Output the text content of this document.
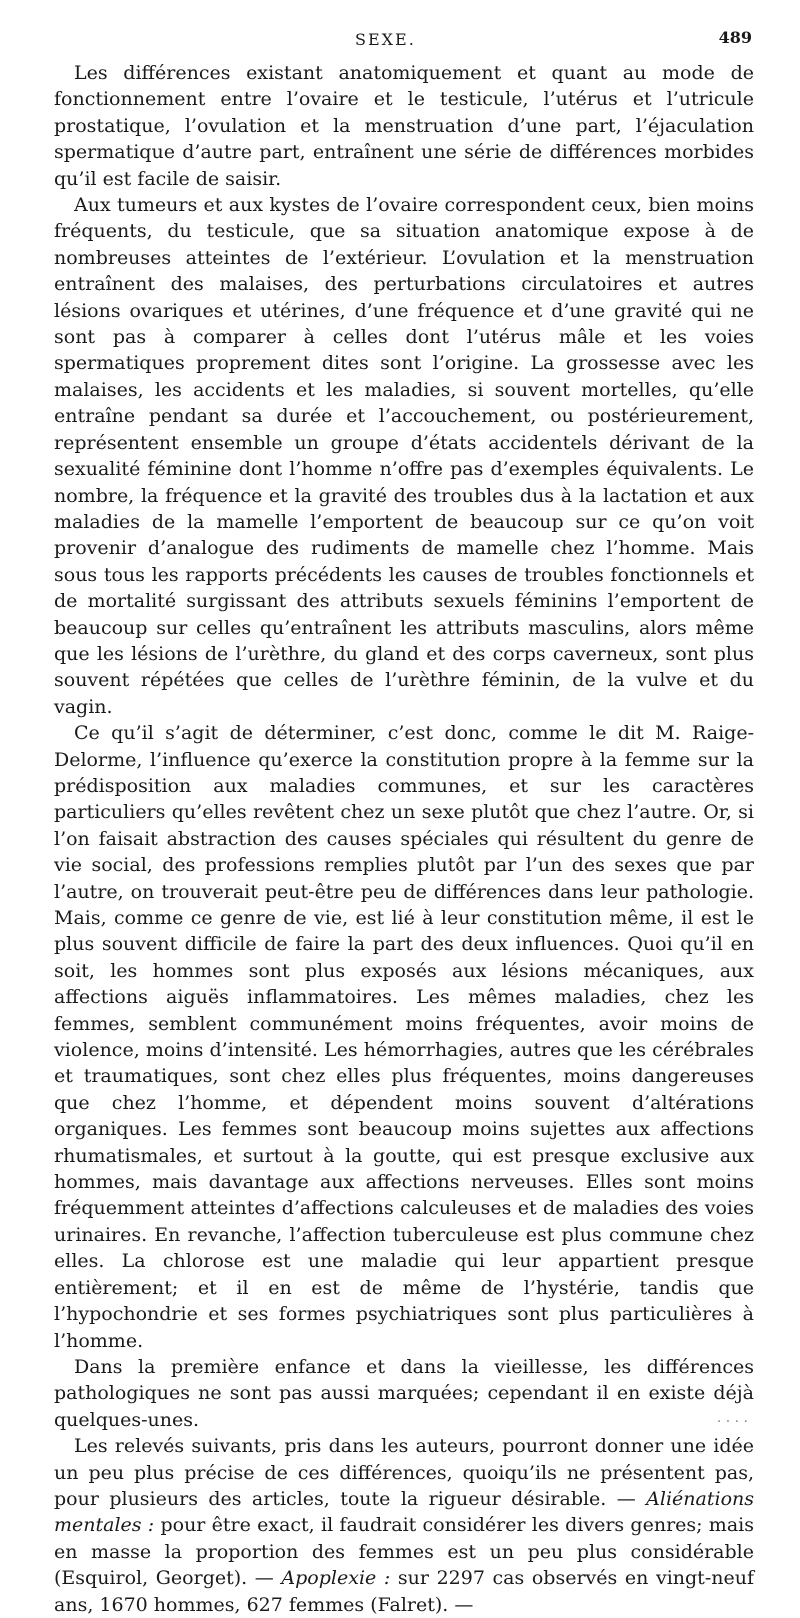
SEXE.	489

Les différences existant anatomiquement et quant au mode de fonctionnement entre l’ovaire et le testicule, l’utérus et l’utricule prostatique, l’ovulation et la menstruation d’une part, l’éjaculation spermatique d’autre part, entraînent une série de différences morbides qu’il est facile de saisir.

Aux tumeurs et aux kystes de l’ovaire correspondent ceux, bien moins fréquents, du testicule, que sa situation anatomique expose à de nombreuses atteintes de l’extérieur. L’ovulation et la menstruation entraînent des malaises, des perturbations circulatoires et autres lésions ovariques et utérines, d’une fréquence et d’une gravité qui ne sont pas à comparer à celles dont l’utérus mâle et les voies spermatiques proprement dites sont l’origine. La grossesse avec les malaises, les accidents et les maladies, si souvent mortelles, qu’elle entraîne pendant sa durée et l’accouchement, ou postérieurement, représentent ensemble un groupe d’états accidentels dérivant de la sexualité féminine dont l’homme n’offre pas d’exemples équivalents. Le nombre, la fréquence et la gravité des troubles dus à la lactation et aux maladies de la mamelle l’emportent de beaucoup sur ce qu’on voit provenir d’analogue des rudiments de mamelle chez l’homme. Mais sous tous les rapports précédents les causes de troubles fonctionnels et de mortalité surgissant des attributs sexuels féminins l’emportent de beaucoup sur celles qu’entraînent les attributs masculins, alors même que les lésions de l’urèthre, du gland et des corps caverneux, sont plus souvent répétées que celles de l’urèthre féminin, de la vulve et du vagin.

Ce qu’il s’agit de déterminer, c’est donc, comme le dit M. Raige-Delorme, l’influence qu’exerce la constitution propre à la femme sur la prédisposition aux maladies communes, et sur les caractères particuliers qu’elles revêtent chez un sexe plutôt que chez l’autre. Or, si l’on faisait abstraction des causes spéciales qui résultent du genre de vie social, des professions remplies plutôt par l’un des sexes que par l’autre, on trouverait peut-être peu de différences dans leur pathologie. Mais, comme ce genre de vie, est lié à leur constitution même, il est le plus souvent difficile de faire la part des deux influences. Quoi qu’il en soit, les hommes sont plus exposés aux lésions mécaniques, aux affections aiguës inflammatoires. Les mêmes maladies, chez les femmes, semblent communément moins fréquentes, avoir moins de violence, moins d’intensité. Les hémorrhagies, autres que les cérébrales et traumatiques, sont chez elles plus fréquentes, moins dangereuses que chez l’homme, et dépendent moins souvent d’altérations organiques. Les femmes sont beaucoup moins sujettes aux affections rhumatismales, et surtout à la goutte, qui est presque exclusive aux hommes, mais davantage aux affections nerveuses. Elles sont moins fréquemment atteintes d’affections calculeuses et de maladies des voies urinaires. En revanche, l’affection tuberculeuse est plus commune chez elles. La chlorose est une maladie qui leur appartient presque entièrement; et il en est de même de l’hystérie, tandis que l’hypochondrie et ses formes psychiatriques sont plus particulières à l’homme.

Dans la première enfance et dans la vieillesse, les différences pathologiques ne sont pas aussi marquées; cependant il en existe déjà quelques-unes.

Les relevés suivants, pris dans les auteurs, pourront donner une idée un peu plus précise de ces différences, quoiqu’ils ne présentent pas, pour plusieurs des articles, toute la rigueur désirable. — Aliénations mentales : pour être exact, il faudrait considérer les divers genres; mais en masse la proportion des femmes est un peu plus considérable (Esquirol, Georget). — Apoplexie : sur 2297 cas observés en vingt-neuf ans, 1670 hommes, 627 femmes (Falret). —

. . . .
